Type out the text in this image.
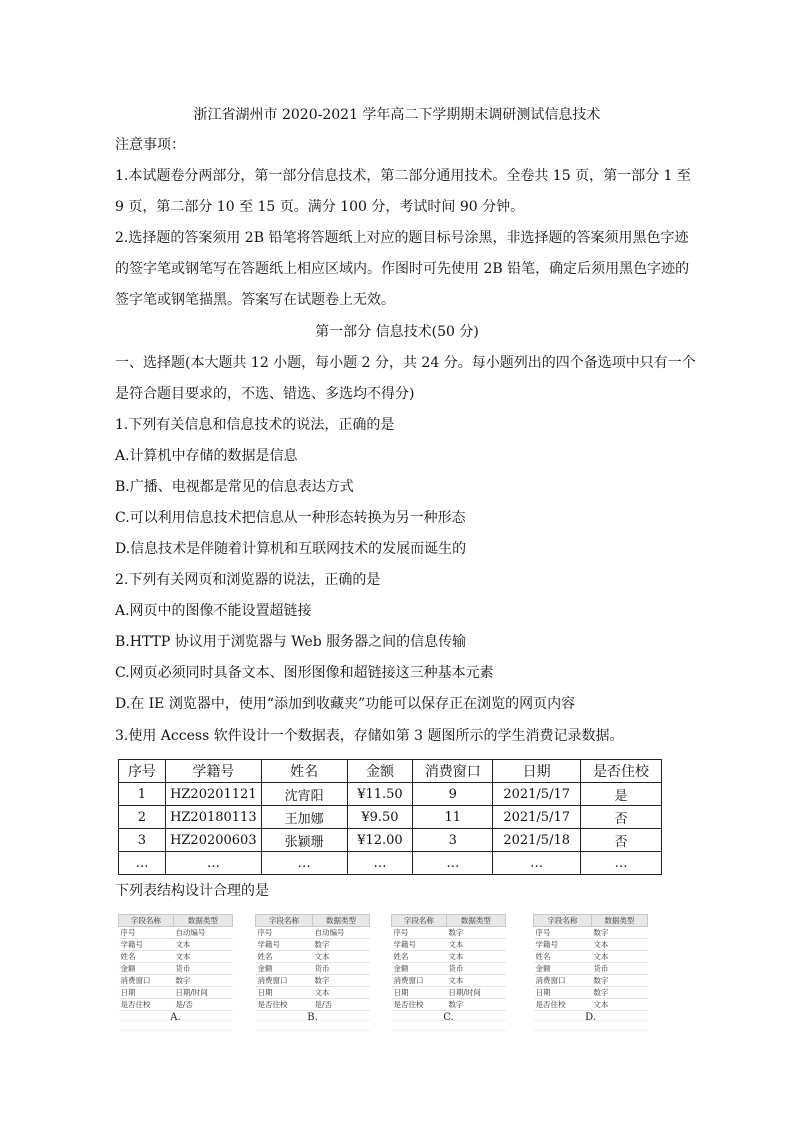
浙江省湖州市 2020-2021 学年高二下学期期末调研测试信息技术
注意事项：
1.本试题卷分两部分，第一部分信息技术，第二部分通用技术。全卷共 15 页，第一部分 1 至
9 页，第二部分 10 至 15 页。满分 100 分，考试时间 90 分钟。
2.选择题的答案须用 2B 铅笔将答题纸上对应的题目标号涂黑，非选择题的答案须用黑色字迹
的签字笔或钢笔写在答题纸上相应区域内。作图时可先使用 2B 铅笔，确定后须用黑色字迹的
签字笔或钢笔描黑。答案写在试题卷上无效。
第一部分 信息技术(50 分)
一、选择题(本大题共 12 小题，每小题 2 分，共 24 分。每小题列出的四个备选项中只有一个
是符合题目要求的，不选、错选、多选均不得分)
1.下列有关信息和信息技术的说法，正确的是
A.计算机中存储的数据是信息
B.广播、电视都是常见的信息表达方式
C.可以利用信息技术把信息从一种形态转换为另一种形态
D.信息技术是伴随着计算机和互联网技术的发展而诞生的
2.下列有关网页和浏览器的说法，正确的是
A.网页中的图像不能设置超链接
B.HTTP 协议用于浏览器与 Web 服务器之间的信息传输
C.网页必须同时具备文本、图形图像和超链接这三种基本元素
D.在 IE 浏览器中，使用“添加到收藏夹”功能可以保存正在浏览的网页内容
3.使用 Access 软件设计一个数据表，存储如第 3 题图所示的学生消费记录数据。
序号	学籍号	姓名	金额	消费窗口	日期	是否住校
1	HZ20201121	沈宵阳	¥11.50	9	2021/5/17	是
2	HZ20180113	王加娜	¥9.50	11	2021/5/17	否
3	HZ20200603	张颖珊	¥12.00	3	2021/5/18	否
…	…	…	…	…	…	…
下列表结构设计合理的是
字段名称	数据类型
序号	自动编号
学籍号	文本
姓名	文本
金额	货币
消费窗口	数字
日期	日期/时间
是否住校	是/否

A.
字段名称	数据类型
序号	自动编号
学籍号	数字
姓名	文本
金额	货币
消费窗口	数字
日期	文本
是否住校	是/否

B.
字段名称	数据类型
序号	数字
学籍号	文本
姓名	文本
金额	货币
消费窗口	文本
日期	日期/时间
是否住校	数字

C.
字段名称	数据类型
序号	数字
学籍号	文本
姓名	文本
金额	货币
消费窗口	数字
日期	数字
是否住校	文本

D.
